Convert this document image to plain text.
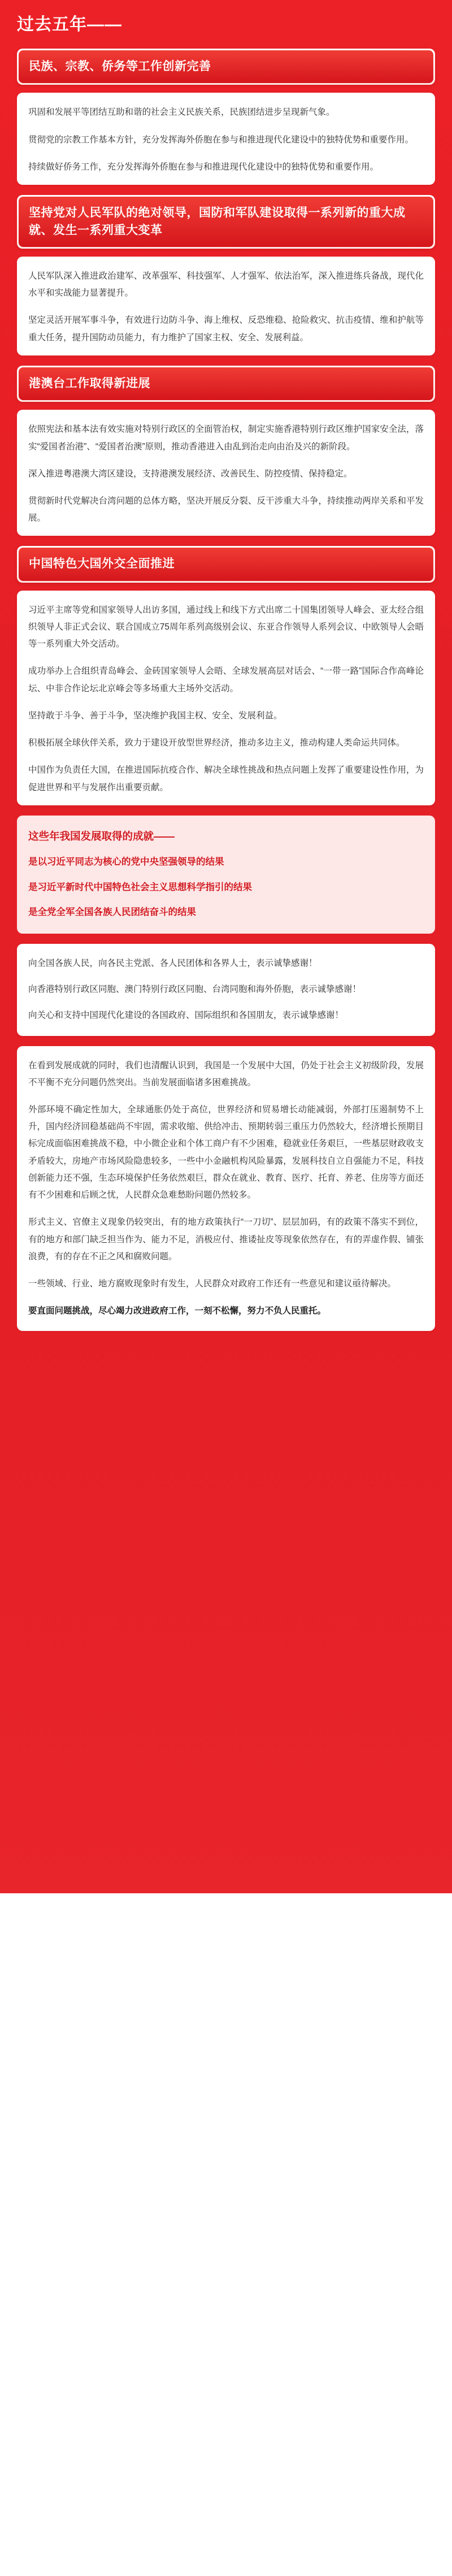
过去五年——
民族、宗教、侨务等工作创新完善

巩固和发展平等团结互助和谐的社会主义民族关系，民族团结进步呈现新气象。

贯彻党的宗教工作基本方针，充分发挥海外侨胞在参与和推进现代化建设中的独特优势和重要作用。

持续做好侨务工作，充分发挥海外侨胞在参与和推进现代化建设中的独特优势和重要作用。

坚持党对人民军队的绝对领导，国防和军队建设取得一系列新的重大成就、发生一系列重大变革

人民军队深入推进政治建军、改革强军、科技强军、人才强军、依法治军，深入推进练兵备战，现代化水平和实战能力显著提升。

坚定灵活开展军事斗争，有效进行边防斗争、海上维权、反恐维稳、抢险救灾、抗击疫情、维和护航等重大任务，提升国防动员能力，有力维护了国家主权、安全、发展利益。

港澳台工作取得新进展

依照宪法和基本法有效实施对特别行政区的全面管治权，制定实施香港特别行政区维护国家安全法，落实“爱国者治港”、“爱国者治澳”原则，推动香港进入由乱到治走向由治及兴的新阶段。

深入推进粤港澳大湾区建设，支持港澳发展经济、改善民生、防控疫情、保持稳定。

贯彻新时代党解决台湾问题的总体方略，坚决开展反分裂、反干涉重大斗争，持续推动两岸关系和平发展。

中国特色大国外交全面推进

习近平主席等党和国家领导人出访多国，通过线上和线下方式出席二十国集团领导人峰会、亚太经合组织领导人非正式会议、联合国成立75周年系列高级别会议、东亚合作领导人系列会议、中欧领导人会晤等一系列重大外交活动。

成功举办上合组织青岛峰会、金砖国家领导人会晤、全球发展高层对话会、“一带一路”国际合作高峰论坛、中非合作论坛北京峰会等多场重大主场外交活动。

坚持敢于斗争、善于斗争，坚决维护我国主权、安全、发展利益。

积极拓展全球伙伴关系，致力于建设开放型世界经济，推动多边主义，推动构建人类命运共同体。

中国作为负责任大国，在推进国际抗疫合作、解决全球性挑战和热点问题上发挥了重要建设性作用，为促进世界和平与发展作出重要贡献。

这些年我国发展取得的成就——
是以习近平同志为核心的党中央坚强领导的结果
是习近平新时代中国特色社会主义思想科学指引的结果
是全党全军全国各族人民团结奋斗的结果
向全国各族人民，向各民主党派、各人民团体和各界人士，表示诚挚感谢！
向香港特别行政区同胞、澳门特别行政区同胞、台湾同胞和海外侨胞，表示诚挚感谢！
向关心和支持中国现代化建设的各国政府、国际组织和各国朋友，表示诚挚感谢！

在看到发展成就的同时，我们也清醒认识到，我国是一个发展中大国，仍处于社会主义初级阶段，发展不平衡不充分问题仍然突出。当前发展面临诸多困难挑战。

外部环境不确定性加大，全球通胀仍处于高位，世界经济和贸易增长动能减弱，外部打压遏制势不上升，国内经济回稳基础尚不牢固，需求收缩、供给冲击、预期转弱三重压力仍然较大，经济增长预期目标完成面临困难挑战不稳，中小微企业和个体工商户有不少困难，稳就业任务艰巨，一些基层财政收支矛盾较大，房地产市场风险隐患较多，一些中小金融机构风险暴露，发展科技自立自强能力不足，科技创新能力还不强，生态环境保护任务依然艰巨，群众在就业、教育、医疗、托育、养老、住房等方面还有不少困难和后顾之忧，人民群众急难愁盼问题仍然较多。

形式主义、官僚主义现象仍较突出，有的地方政策执行“一刀切”、层层加码，有的政策不落实不到位，有的地方和部门缺乏担当作为、能力不足，消极应付、推诿扯皮等现象依然存在，有的弄虚作假、铺张浪费，有的存在不正之风和腐败问题。

一些领域、行业、地方腐败现象时有发生，人民群众对政府工作还有一些意见和建议亟待解决。

要直面问题挑战，尽心竭力改进政府工作，一刻不松懈，努力不负人民重托。
